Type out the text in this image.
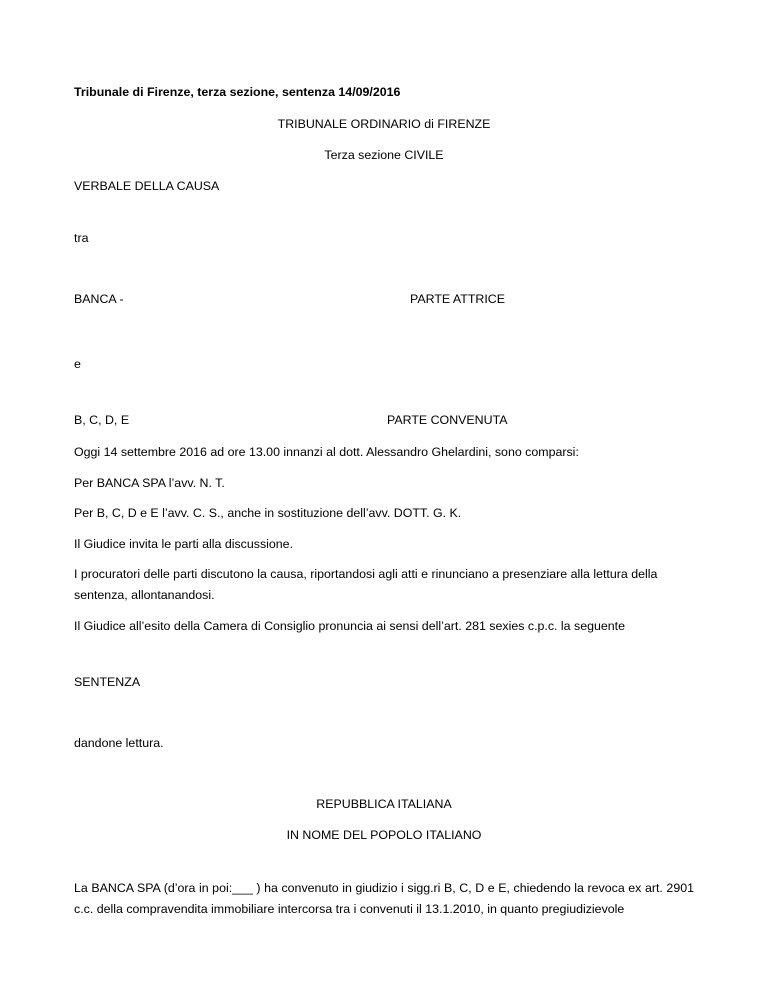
Tribunale di Firenze, terza sezione, sentenza 14/09/2016
TRIBUNALE ORDINARIO di FIRENZE
Terza sezione CIVILE
VERBALE DELLA CAUSA
tra
BANCA -	PARTE ATTRICE
e
B, C, D, E	PARTE CONVENUTA
Oggi 14 settembre 2016 ad ore 13.00 innanzi al dott. Alessandro Ghelardini, sono comparsi:
Per BANCA SPA l’avv. N. T.
Per B, C, D e E l’avv. C. S., anche in sostituzione dell’avv. DOTT. G. K.
Il Giudice invita le parti alla discussione.
I procuratori delle parti discutono la causa, riportandosi agli atti e rinunciano a presenziare alla lettura della sentenza, allontanandosi.
Il Giudice all’esito della Camera di Consiglio pronuncia ai sensi dell’art. 281 sexies c.p.c. la seguente
SENTENZA
dandone lettura.
REPUBBLICA ITALIANA
IN NOME DEL POPOLO ITALIANO
La BANCA SPA (d’ora in poi:___ ) ha convenuto in giudizio i sigg.ri B, C, D e E, chiedendo la revoca ex art. 2901 c.c. della compravendita immobiliare intercorsa tra i convenuti il 13.1.2010, in quanto pregiudizievole
